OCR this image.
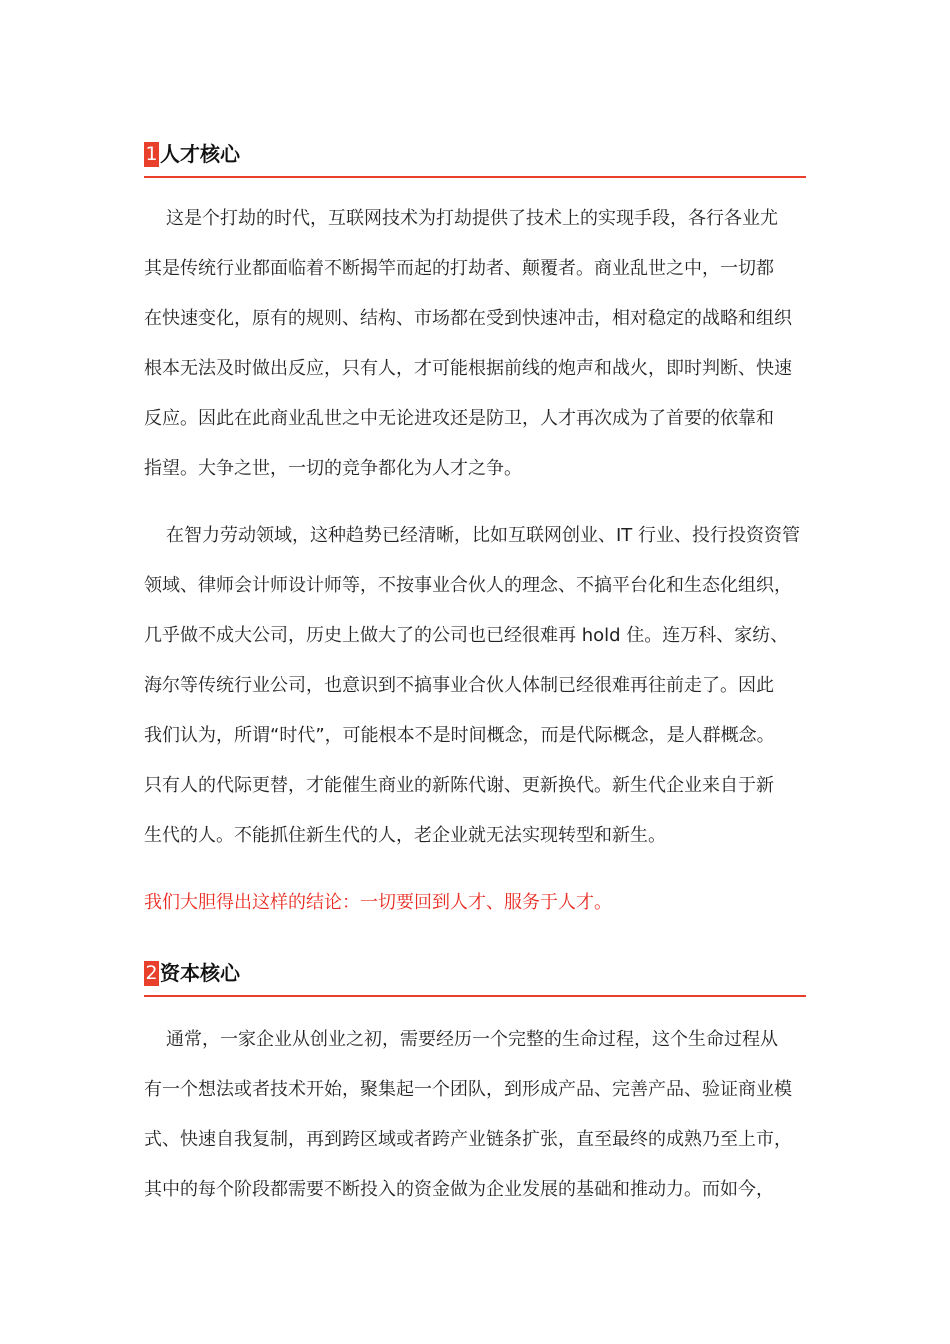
1 人才核心
这是个打劫的时代，互联网技术为打劫提供了技术上的实现手段，各行各业尤
其是传统行业都面临着不断揭竿而起的打劫者、颠覆者。商业乱世之中，一切都
在快速变化，原有的规则、结构、市场都在受到快速冲击，相对稳定的战略和组织
根本无法及时做出反应，只有人，才可能根据前线的炮声和战火，即时判断、快速
反应。因此在此商业乱世之中无论进攻还是防卫，人才再次成为了首要的依靠和
指望。大争之世，一切的竞争都化为人才之争。
在智力劳动领域，这种趋势已经清晰，比如互联网创业、IT 行业、投行投资资管
领域、律师会计师设计师等，不按事业合伙人的理念、不搞平台化和生态化组织，
几乎做不成大公司，历史上做大了的公司也已经很难再 hold 住。连万科、家纺、
海尔等传统行业公司，也意识到不搞事业合伙人体制已经很难再往前走了。因此
我们认为，所谓“时代”，可能根本不是时间概念，而是代际概念，是人群概念。
只有人的代际更替，才能催生商业的新陈代谢、更新换代。新生代企业来自于新
生代的人。不能抓住新生代的人，老企业就无法实现转型和新生。

我们大胆得出这样的结论：一切要回到人才、服务于人才。

2 资本核心
通常，一家企业从创业之初，需要经历一个完整的生命过程，这个生命过程从
有一个想法或者技术开始，聚集起一个团队，到形成产品、完善产品、验证商业模
式、快速自我复制，再到跨区域或者跨产业链条扩张，直至最终的成熟乃至上市，
其中的每个阶段都需要不断投入的资金做为企业发展的基础和推动力。而如今，
